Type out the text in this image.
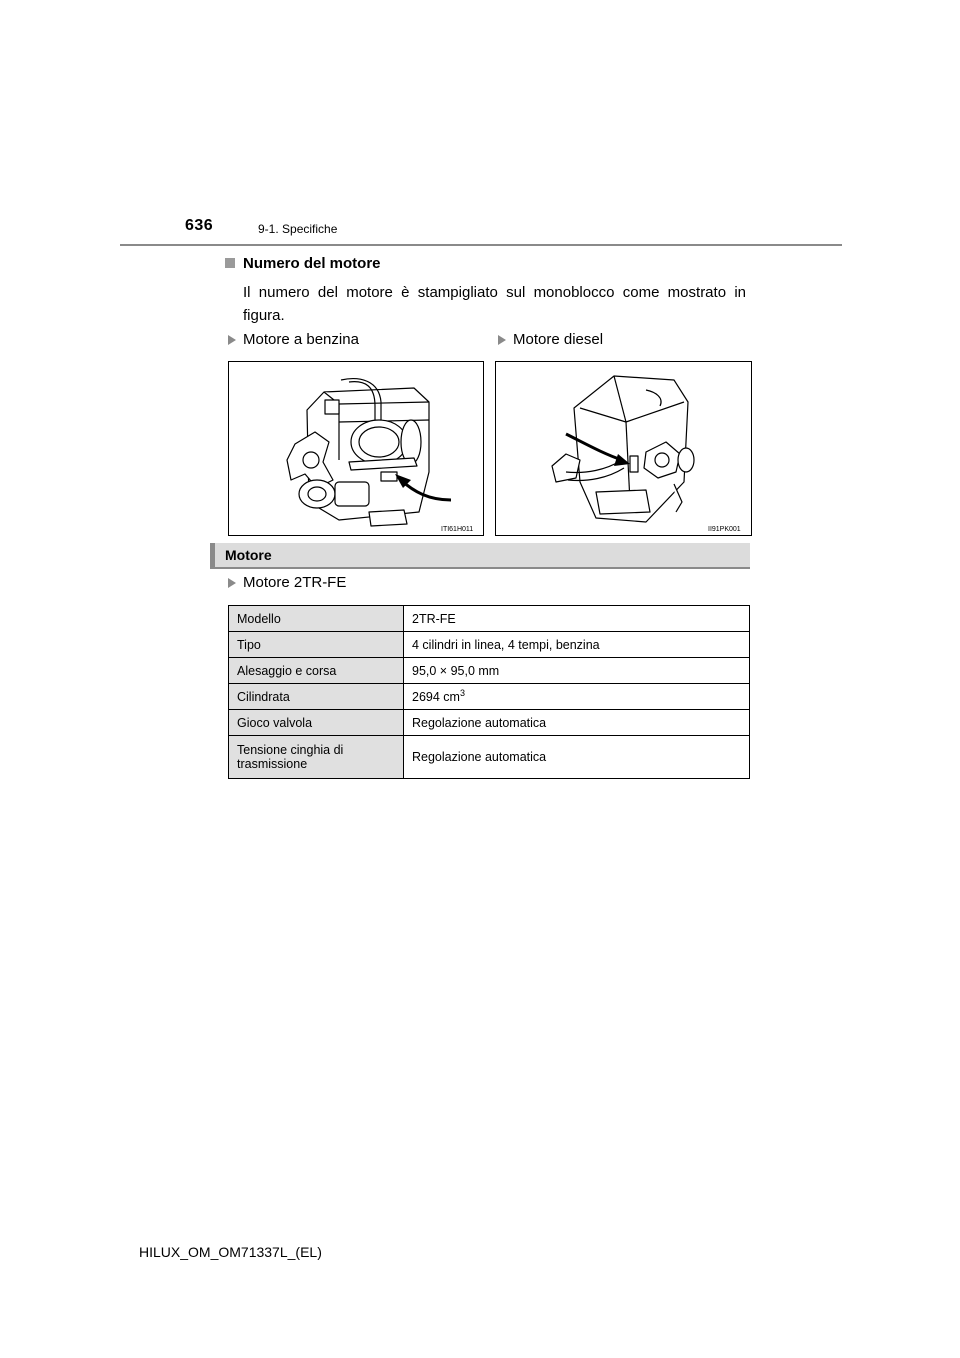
636	9-1. Specifiche
Numero del motore
Il numero del motore è stampigliato sul monoblocco come mostrato in figura.
Motore a benzina	Motore diesel
ITI61H011	II91PK001
Motore
Motore 2TR-FE
Modello	2TR-FE
Tipo	4 cilindri in linea, 4 tempi, benzina
Alesaggio e corsa	95,0 × 95,0 mm
Cilindrata	2694 $cm^3$
Gioco valvola	Regolazione automatica
Tensione cinghia di trasmissione	Regolazione automatica
HILUX_OM_OM71337L_(EL)
